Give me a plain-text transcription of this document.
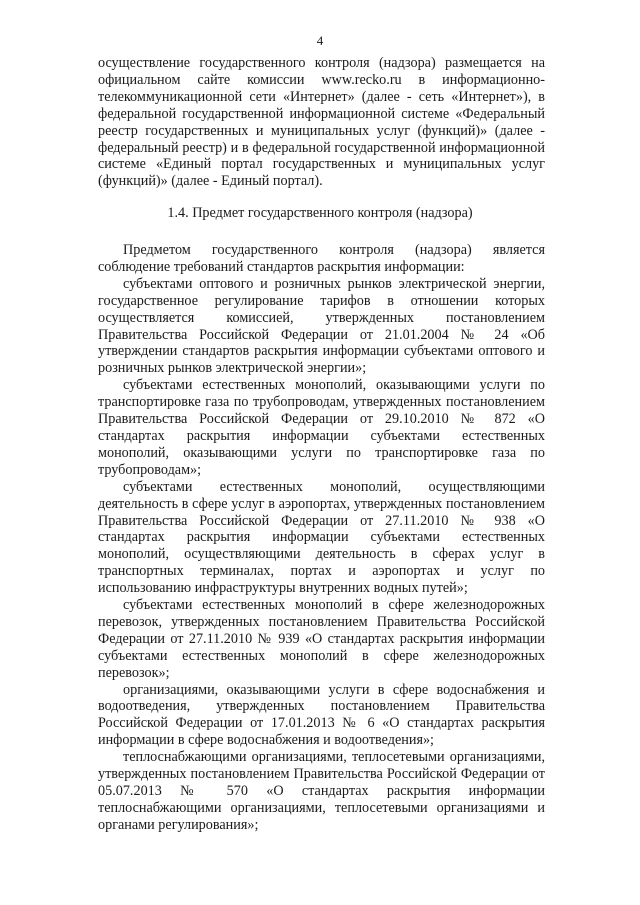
4

осуществление государственного контроля (надзора) размещается на официальном сайте комиссии www.recko.ru в информационно-телекоммуникационной сети «Интернет» (далее - сеть «Интернет»), в федеральной государственной информационной системе «Федеральный реестр государственных и муниципальных услуг (функций)» (далее - федеральный реестр) и в федеральной государственной информационной системе «Единый портал государственных и муниципальных услуг (функций)» (далее - Единый портал).

1.4. Предмет государственного контроля (надзора)

Предметом государственного контроля (надзора) является соблюдение требований стандартов раскрытия информации:

субъектами оптового и розничных рынков электрической энергии, государственное регулирование тарифов в отношении которых осуществляется комиссией, утвержденных постановлением Правительства Российской Федерации от 21.01.2004 № 24 «Об утверждении стандартов раскрытия информации субъектами оптового и розничных рынков электрической энергии»;

субъектами естественных монополий, оказывающими услуги по транспортировке газа по трубопроводам, утвержденных постановлением Правительства Российской Федерации от 29.10.2010 № 872 «О стандартах раскрытия информации субъектами естественных монополий, оказывающими услуги по транспортировке газа по трубопроводам»;

субъектами естественных монополий, осуществляющими деятельность в сфере услуг в аэропортах, утвержденных постановлением Правительства Российской Федерации от 27.11.2010 № 938 «О стандартах раскрытия информации субъектами естественных монополий, осуществляющими деятельность в сферах услуг в транспортных терминалах, портах и аэропортах и услуг по использованию инфраструктуры внутренних водных путей»;

субъектами естественных монополий в сфере железнодорожных перевозок, утвержденных постановлением Правительства Российской Федерации от 27.11.2010 № 939 «О стандартах раскрытия информации субъектами естественных монополий в сфере железнодорожных перевозок»;

организациями, оказывающими услуги в сфере водоснабжения и водоотведения, утвержденных постановлением Правительства Российской Федерации от 17.01.2013 № 6 «О стандартах раскрытия информации в сфере водоснабжения и водоотведения»;

теплоснабжающими организациями, теплосетевыми организациями, утвержденных постановлением Правительства Российской Федерации от 05.07.2013 № 570 «О стандартах раскрытия информации теплоснабжающими организациями, теплосетевыми организациями и органами регулирования»;
